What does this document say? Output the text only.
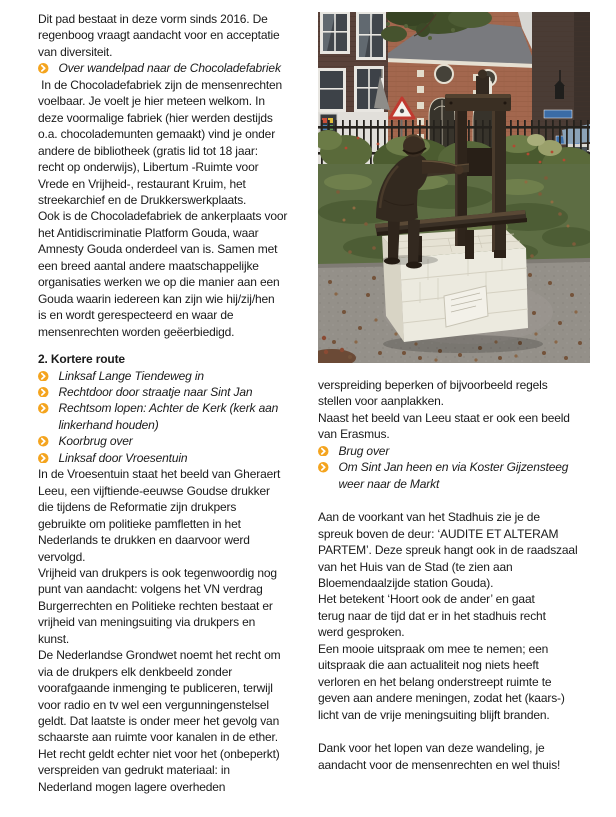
Dit pad bestaat in deze vorm sinds 2016. De
regenboog vraagt aandacht voor en acceptatie
van diversiteit.
Over wandelpad naar de Chocoladefabriek
In de Chocoladefabriek zijn de mensenrechten
voelbaar. Je voelt je hier meteen welkom. In
deze voormalige fabriek (hier werden destijds
o.a. chocolademunten gemaakt) vind je onder
andere de bibliotheek (gratis lid tot 18 jaar:
recht op onderwijs), Libertum -Ruimte voor
Vrede en Vrijheid-, restaurant Kruim, het
streekarchief en de Drukkerswerkplaats.
Ook is de Chocoladefabriek de ankerplaats voor
het Antidiscriminatie Platform Gouda, waar
Amnesty Gouda onderdeel van is. Samen met
een breed aantal andere maatschappelijke
organisaties werken we op die manier aan een
Gouda waarin iedereen kan zijn wie hij/zij/hen
is en wordt gerespecteerd en waar de
mensenrechten worden geëerbiedigd.
2. Kortere route
Linksaf Lange Tiendeweg in
Rechtdoor door straatje naar Sint Jan
Rechtsom lopen: Achter de Kerk (kerk aan
linkerhand houden)
Koorbrug over
Linksaf door Vroesentuin
In de Vroesentuin staat het beeld van Gheraert
Leeu, een vijftiende-eeuwse Goudse drukker
die tijdens de Reformatie zijn drukpers
gebruikte om politieke pamfletten in het
Nederlands te drukken en daarvoor werd
vervolgd.
Vrijheid van drukpers is ook tegenwoordig nog
punt van aandacht: volgens het VN verdrag
Burgerrechten en Politieke rechten bestaat er
vrijheid van meningsuiting via drukpers en
kunst.
De Nederlandse Grondwet noemt het recht om
via de drukpers elk denkbeeld zonder
voorafgaande inmenging te publiceren, terwijl
voor radio en tv wel een vergunningenstelsel
geldt. Dat laatste is onder meer het gevolg van
schaarste aan ruimte voor kanalen in de ether.
Het recht geldt echter niet voor het (onbeperkt)
verspreiden van gedrukt materiaal: in
Nederland mogen lagere overheden
verspreiding beperken of bijvoorbeeld regels
stellen voor aanplakken.
Naast het beeld van Leeu staat er ook een beeld
van Erasmus.
Brug over
Om Sint Jan heen en via Koster Gijzensteeg
weer naar de Markt
Aan de voorkant van het Stadhuis zie je de
spreuk boven de deur: ‘AUDITE ET ALTERAM
PARTEM’. Deze spreuk hangt ook in de raadszaal
van het Huis van de Stad (te zien aan
Bloemendaalzijde station Gouda).
Het betekent ‘Hoort ook de ander’ en gaat
terug naar de tijd dat er in het stadhuis recht
werd gesproken.
Een mooie uitspraak om mee te nemen; een
uitspraak die aan actualiteit nog niets heeft
verloren en het belang onderstreept ruimte te
geven aan andere meningen, zodat het (kaars-)
licht van de vrije meningsuiting blijft branden.
Dank voor het lopen van deze wandeling, je
aandacht voor de mensenrechten en wel thuis!
